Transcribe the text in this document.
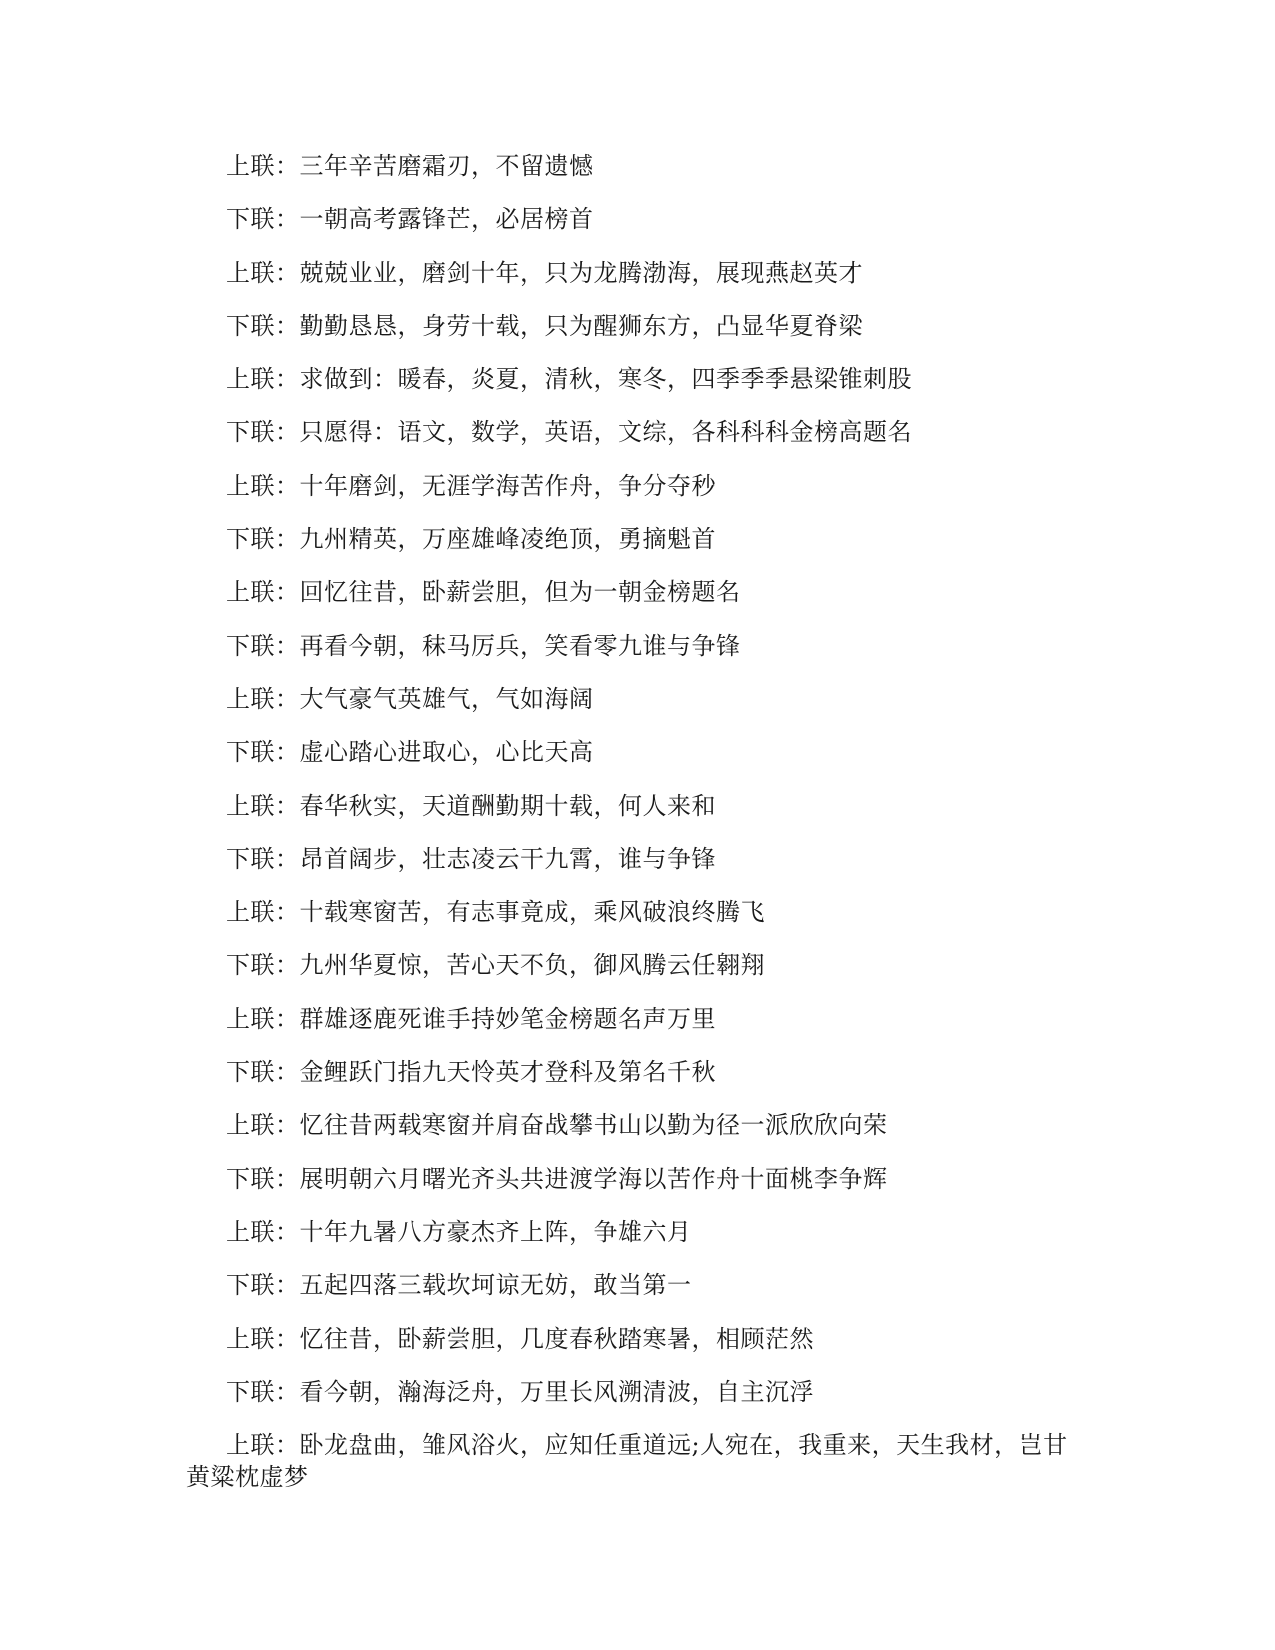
上联：三年辛苦磨霜刃，不留遗憾
下联：一朝高考露锋芒，必居榜首
上联：兢兢业业，磨剑十年，只为龙腾渤海，展现燕赵英才
下联：勤勤恳恳，身劳十载，只为醒狮东方，凸显华夏脊梁
上联：求做到：暖春，炎夏，清秋，寒冬，四季季季悬梁锥刺股
下联：只愿得：语文，数学，英语，文综，各科科科金榜高题名
上联：十年磨剑，无涯学海苦作舟，争分夺秒
下联：九州精英，万座雄峰凌绝顶，勇摘魁首
上联：回忆往昔，卧薪尝胆，但为一朝金榜题名
下联：再看今朝，秣马厉兵，笑看零九谁与争锋
上联：大气豪气英雄气，气如海阔
下联：虚心踏心进取心，心比天高
上联：春华秋实，天道酬勤期十载，何人来和
下联：昂首阔步，壮志凌云干九霄，谁与争锋
上联：十载寒窗苦，有志事竟成，乘风破浪终腾飞
下联：九州华夏惊，苦心天不负，御风腾云任翱翔
上联：群雄逐鹿死谁手持妙笔金榜题名声万里
下联：金鲤跃门指九天怜英才登科及第名千秋
上联：忆往昔两载寒窗并肩奋战攀书山以勤为径一派欣欣向荣
下联：展明朝六月曙光齐头共进渡学海以苦作舟十面桃李争辉
上联：十年九暑八方豪杰齐上阵，争雄六月
下联：五起四落三载坎坷谅无妨，敢当第一
上联：忆往昔，卧薪尝胆，几度春秋踏寒暑，相顾茫然
下联：看今朝，瀚海泛舟，万里长风溯清波，自主沉浮

上联：卧龙盘曲，雏风浴火，应知任重道远;人宛在，我重来，天生我材，岂甘黄粱枕虚梦
